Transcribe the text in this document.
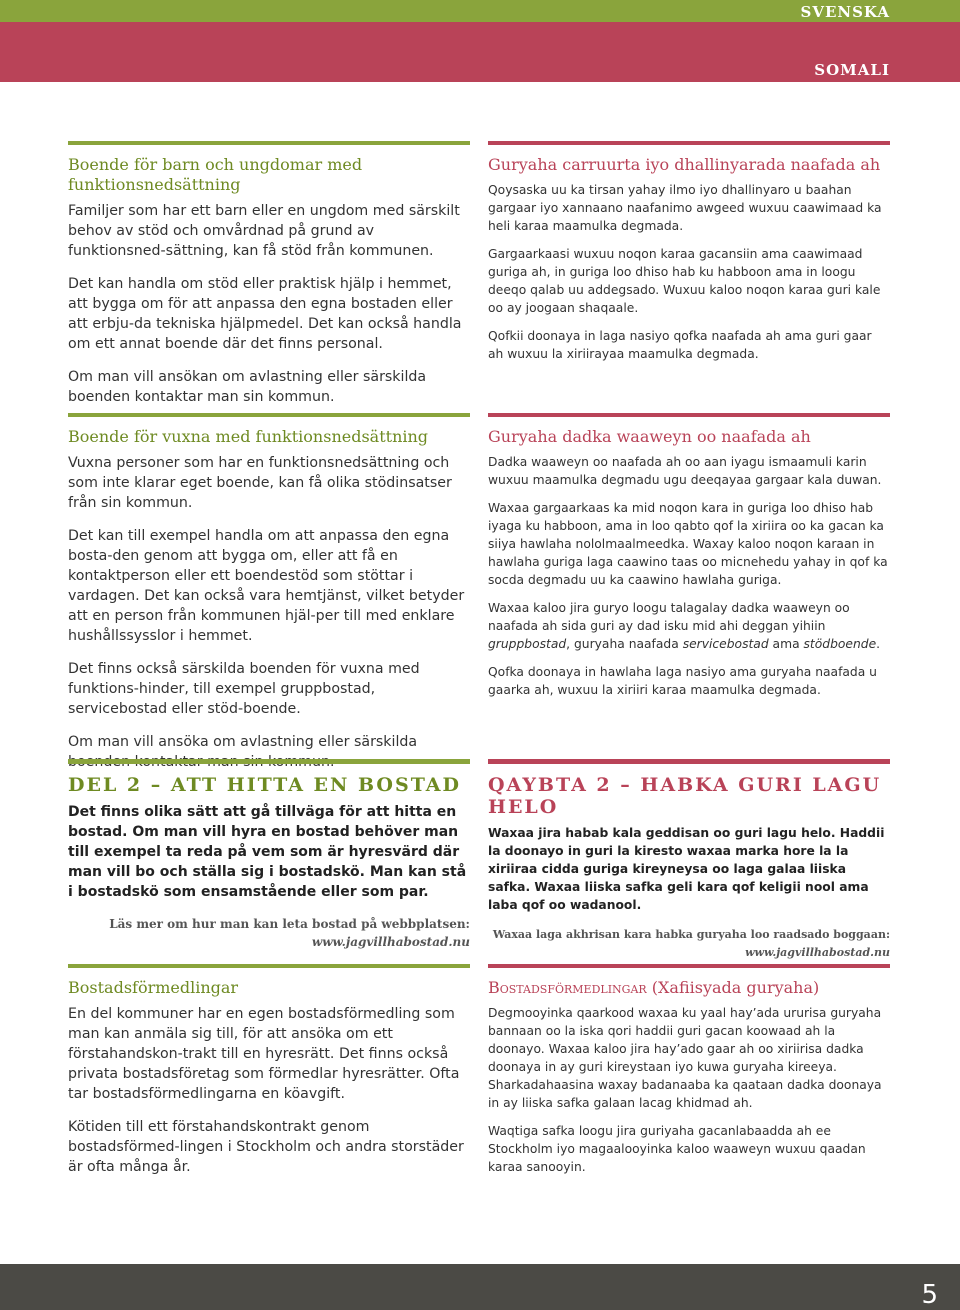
SVENSKA
SOMALI
Boende för barn och ungdomar med funktionsnedsättning

Familjer som har ett barn eller en ungdom med särskilt behov av stöd och omvårdnad på grund av funktionsned-sättning, kan få stöd från kommunen.

Det kan handla om stöd eller praktisk hjälp i hemmet, att bygga om för att anpassa den egna bostaden eller att erbju-da tekniska hjälpmedel. Det kan också handla om ett annat boende där det finns personal.

Om man vill ansökan om avlastning eller särskilda boenden kontaktar man sin kommun.

Guryaha carruurta iyo dhallinyarada naafada ah

Qoysaska uu ka tirsan yahay ilmo iyo dhallinyaro u baahan gargaar iyo xannaano naafanimo awgeed wuxuu caawimaad ka heli karaa maamulka degmada.

Gargaarkaasi wuxuu noqon karaa gacansiin ama caawimaad guriga ah, in guriga loo dhiso hab ku habboon ama in loogu deeqo qalab uu addegsado. Wuxuu kaloo noqon karaa guri kale oo ay joogaan shaqaale.

Qofkii doonaya in laga nasiyo qofka naafada ah ama guri gaar ah wuxuu la xiriirayaa maamulka degmada.

Boende för vuxna med funktionsnedsättning

Vuxna personer som har en funktionsnedsättning och som inte klarar eget boende, kan få olika stödinsatser från sin kommun.

Det kan till exempel handla om att anpassa den egna bosta-den genom att bygga om, eller att få en kontaktperson eller ett boendestöd som stöttar i vardagen. Det kan också vara hemtjänst, vilket betyder att en person från kommunen hjäl-per till med enklare hushållssysslor i hemmet.

Det finns också särskilda boenden för vuxna med funktions-hinder, till exempel gruppbostad, servicebostad eller stöd-boende.

Om man vill ansöka om avlastning eller särskilda

Guryaha dadka waaweyn oo naafada ah

Dadka waaweyn oo naafada ah oo aan iyagu ismaamuli karin wuxuu maamulka degmadu ugu deeqayaa gargaar kala duwan.

Waxaa gargaarkaas ka mid noqon kara in guriga loo dhiso hab iyaga ku habboon, ama in loo qabto qof la xiriira oo ka gacan ka siiya hawlaha nololmaalmeedka. Waxay kaloo noqon karaan in hawlaha guriga laga caawino taas oo micnehedu yahay in qof ka socda degmadu uu ka caawino hawlaha guriga.

Waxaa kaloo jira guryo loogu talagalay dadka waaweyn oo naafada ah sida guri ay dad isku mid ahi deggan yihiin gruppbostad, guryaha naafada servicebostad ama stödboende.

Qofka doonaya in hawlaha laga nasiyo ama guryaha naafada u gaarka ah, wuxuu la xiriiri karaa maamulka degmada.

DEL 2 – ATT HITTA EN BOSTAD

Det finns olika sätt att gå tillväga för att hitta en bostad. Om man vill hyra en bostad behöver man till exempel ta reda på vem som är hyresvärd där man vill bo och ställa sig i bostadskö. Man kan stå i bostadskö som ensamstående eller som par.

Läs mer om hur man kan leta bostad på webbplatsen:
www.jagvillhabostad.nu
QAYBTA 2 – HABKA GURI LAGU HELO

Waxaa jira habab kala geddisan oo guri lagu helo. Haddii la doonayo in guri la kiresto waxaa marka hore la la xiriiraa cidda guriga kireyneysa oo laga galaa liiska safka. Waxaa liiska safka geli kara qof keligii nool ama laba qof oo wadanool.

Waxaa laga akhrisan kara habka guryaha loo raadsado boggaan:
www.jagvillhabostad.nu
Bostadsförmedlingar

En del kommuner har en egen bostadsförmedling som man kan anmäla sig till, för att ansöka om ett förstahandskon-trakt till en hyresrätt. Det finns också privata bostadsföretag som förmedlar hyresrätter. Ofta tar bostadsförmedlingarna en köavgift.

Kötiden till ett förstahandskontrakt genom bostadsförmed-lingen i Stockholm och andra storstäder är ofta många år.

Bostadsförmedlingar (Xafiisyada guryaha)

Degmooyinka qaarkood waxaa ku yaal hay’ada ururisa guryaha bannaan oo la iska qori haddii guri gacan koowaad ah la doonayo. Waxaa kaloo jira hay’ado gaar ah oo xiriirisa dadka doonaya in ay guri kireystaan iyo kuwa guryaha kireeya. Sharkadahaasina waxay badanaaba ka qaataan dadka doonaya in ay liiska safka galaan lacag khidmad ah.

Waqtiga safka loogu jira guriyaha gacanlabaadda ah ee Stockholm iyo magaalooyinka kaloo waaweyn wuxuu qaadan karaa sanooyin.

5
